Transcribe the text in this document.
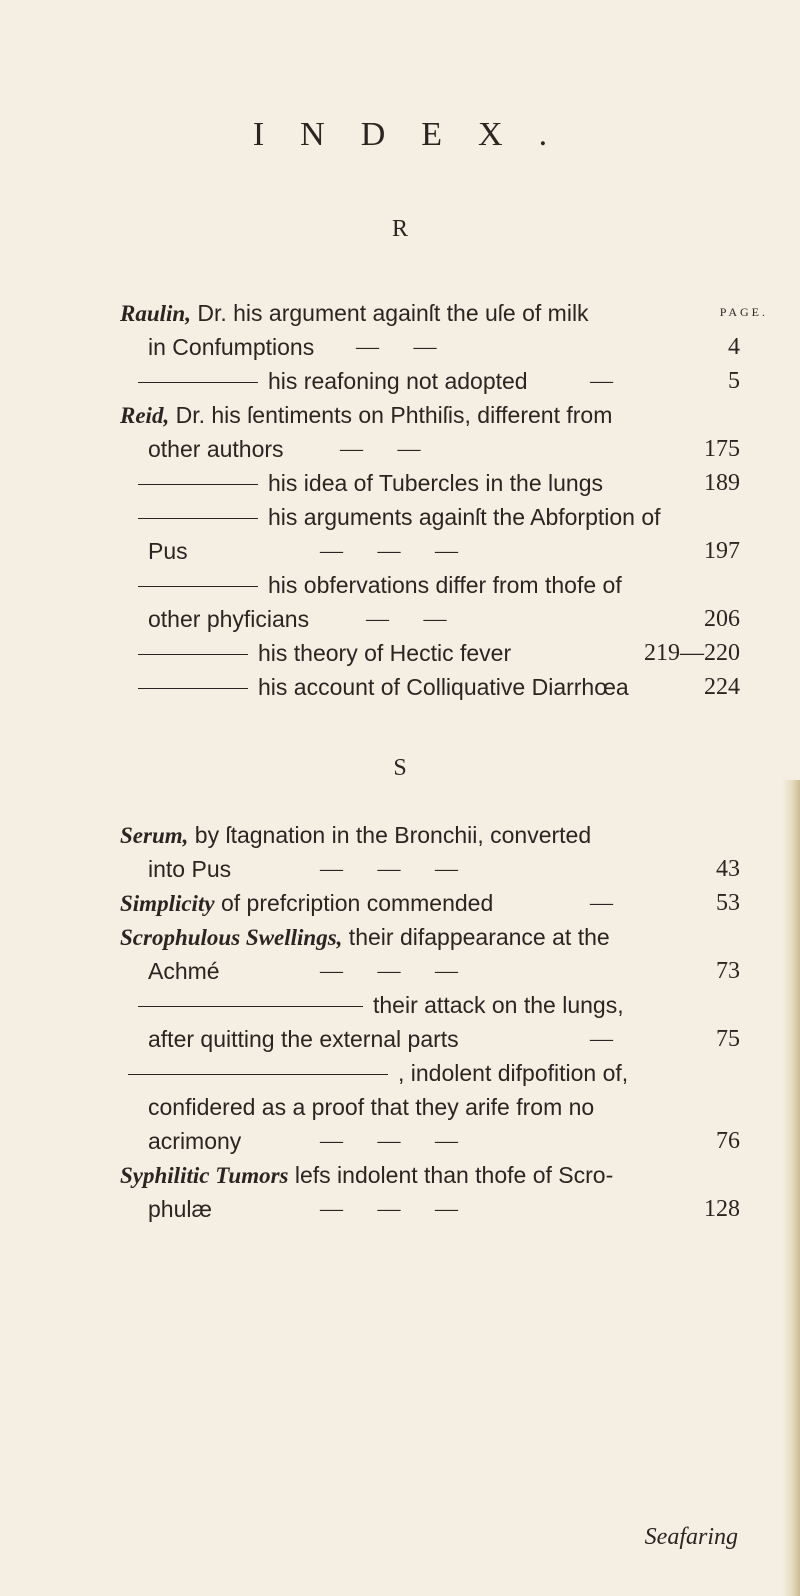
INDEX.
R
PAGE.
Raulin, Dr. his argument againſt the uſe of milk
in Confumptions —      —	4
his reafoning not adopted	—	5
Reid, Dr. his ſentiments on Phthiſis, different from
other authors —      —	175
his idea of Tubercles in the lungs	189
his arguments againſt the Abforption of
Pus	—      —      —	197
his obfervations differ from thofe of
other phyficians —      —	206
his theory of Hectic fever	219—220
his account of Colliquative Diarrhœa	224
S
Serum, by ſtagnation in the Bronchii, converted
into Pus	—      —      —	43
Simplicity of prefcription commended	—	53
Scrophulous Swellings, their difappearance at the
Achmé	—      —      —	73
their attack on the lungs,
after quitting the external parts	—	75
, indolent difpofition of,
confidered as a proof that they arife from no
acrimony	—      —      —	76
Syphilitic Tumors lefs indolent than thofe of Scro-
phulæ	—      —      —	128
Seafaring
